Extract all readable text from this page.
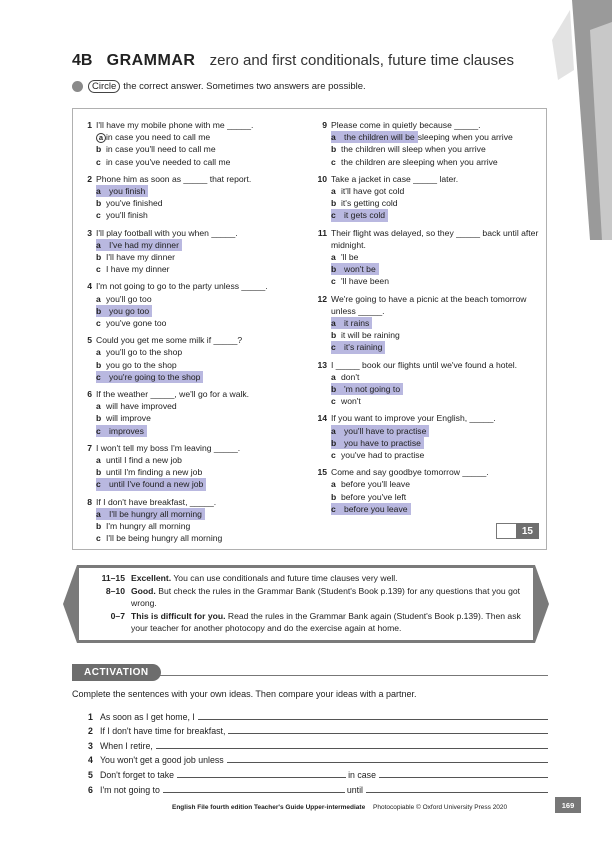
4B GRAMMAR zero and first conditionals, future time clauses
Circle the correct answer. Sometimes two answers are possible.
1 I'll have my mobile phone with me _____.
a in case you need to call me
b in case you'll need to call me
c in case you've needed to call me
2 Phone him as soon as _____ that report.
a you finish
b you've finished
c you'll finish
3 I'll play football with you when _____.
a I've had my dinner
b I'll have my dinner
c I have my dinner
4 I'm not going to go to the party unless _____.
a you'll go too
b you go too
c you've gone too
5 Could you get me some milk if _____?
a you'll go to the shop
b you go to the shop
c you're going to the shop
6 If the weather _____, we'll go for a walk.
a will have improved
b will improve
c improves
7 I won't tell my boss I'm leaving _____.
a until I find a new job
b until I'm finding a new job
c until I've found a new job
8 If I don't have breakfast, _____.
a I'll be hungry all morning
b I'm hungry all morning
c I'll be being hungry all morning
9 Please come in quietly because _____.
a the children will be sleeping when you arrive
b the children will sleep when you arrive
c the children are sleeping when you arrive
10 Take a jacket in case _____ later.
a it'll have got cold
b it's getting cold
c it gets cold
11 Their flight was delayed, so they _____ back until after midnight.
a 'll be
b won't be
c 'll have been
12 We're going to have a picnic at the beach tomorrow unless _____.
a it rains
b it will be raining
c it's raining
13 I _____ book our flights until we've found a hotel.
a don't
b 'm not going to
c won't
14 If you want to improve your English, _____.
a you'll have to practise
b you have to practise
c you've had to practise
15 Come and say goodbye tomorrow _____.
a before you'll leave
b before you've left
c before you leave
15
11–15 Excellent. You can use conditionals and future time clauses very well.
8–10 Good. But check the rules in the Grammar Bank (Student's Book p.139) for any questions that you got wrong.
0–7 This is difficult for you. Read the rules in the Grammar Bank again (Student's Book p.139). Then ask your teacher for another photocopy and do the exercise again at home.
ACTIVATION
Complete the sentences with your own ideas. Then compare your ideas with a partner.
1 As soon as I get home, I
2 If I don't have time for breakfast,
3 When I retire,
4 You won't get a good job unless
5 Don't forget to take	in case
6 I'm not going to	until
English File fourth edition Teacher's Guide Upper-intermediate Photocopiable © Oxford University Press 2020	169
